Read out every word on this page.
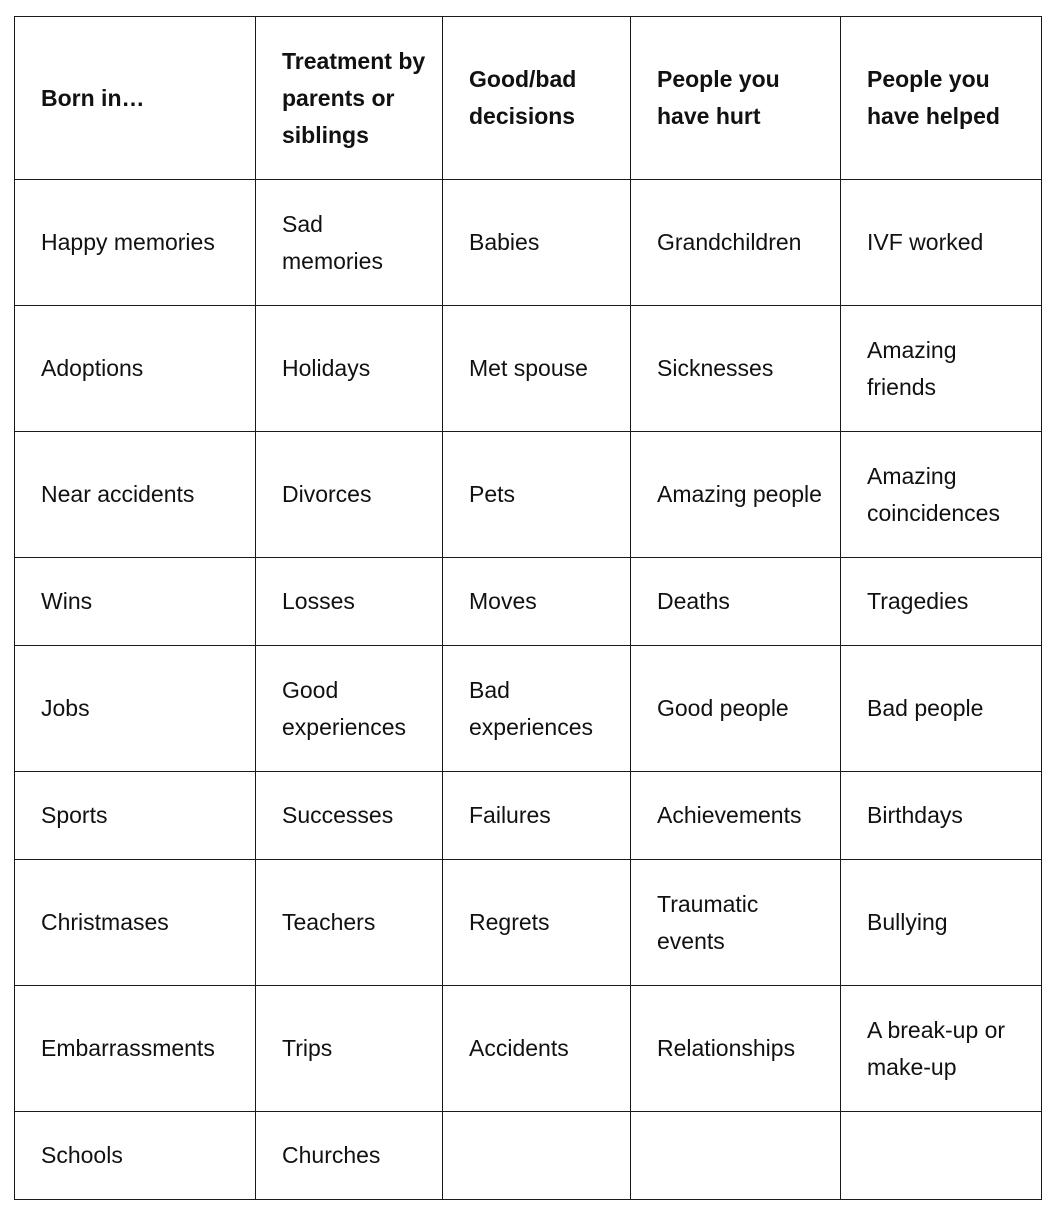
Born in…	Treatment by parents or siblings	Good/bad decisions	People you have hurt	People you have helped
Happy memories	Sad memories	Babies	Grandchildren	IVF worked
Adoptions	Holidays	Met spouse	Sicknesses	Amazing friends
Near accidents	Divorces	Pets	Amazing people	Amazing coincidences
Wins	Losses	Moves	Deaths	Tragedies
Jobs	Good experiences	Bad experiences	Good people	Bad people
Sports	Successes	Failures	Achievements	Birthdays
Christmases	Teachers	Regrets	Traumatic events	Bullying
Embarrassments	Trips	Accidents	Relationships	A break-up or make-up
Schools	Churches			
